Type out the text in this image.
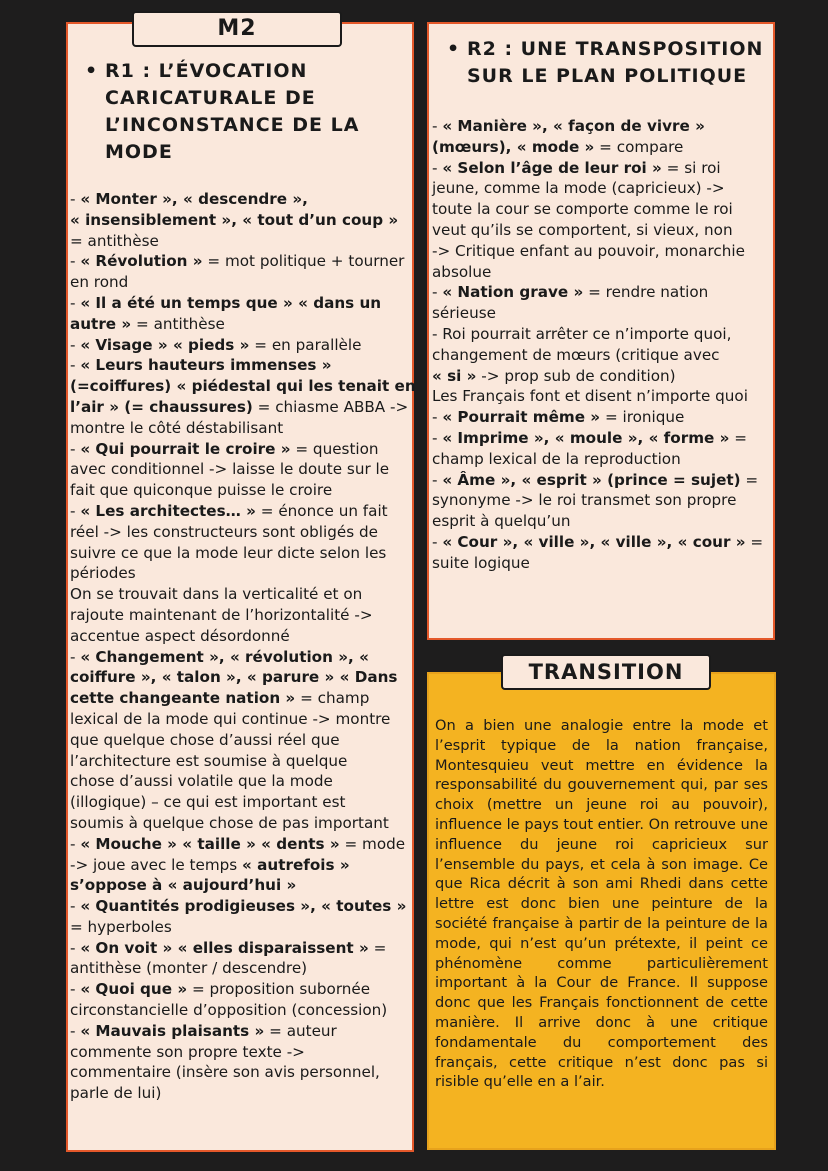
M2
• R1 : L’ÉVOCATION
CARICATURALE DE
L’INCONSTANCE DE LA
MODE
- « Monter », « descendre »,
« insensiblement », « tout d’un coup »
= antithèse
- « Révolution » = mot politique + tourner
en rond
- « Il a été un temps que » « dans un
autre » = antithèse
- « Visage » « pieds » = en parallèle
- « Leurs hauteurs immenses »
(=coiffures) « piédestal qui les tenait en
l’air » (= chaussures) = chiasme ABBA ->
montre le côté déstabilisant
- « Qui pourrait le croire » = question
avec conditionnel -> laisse le doute sur le
fait que quiconque puisse le croire
- « Les architectes… » = énonce un fait
réel -> les constructeurs sont obligés de
suivre ce que la mode leur dicte selon les
périodes
On se trouvait dans la verticalité et on
rajoute maintenant de l’horizontalité ->
accentue aspect désordonné
- « Changement », « révolution », «
coiffure », « talon », « parure » « Dans
cette changeante nation » = champ
lexical de la mode qui continue -> montre
que quelque chose d’aussi réel que
l’architecture est soumise à quelque
chose d’aussi volatile que la mode
(illogique) – ce qui est important est
soumis à quelque chose de pas important
- « Mouche » « taille » « dents » = mode
-> joue avec le temps « autrefois »
s’oppose à « aujourd’hui »
- « Quantités prodigieuses », « toutes »
= hyperboles
- « On voit » « elles disparaissent » =
antithèse (monter / descendre)
- « Quoi que » = proposition subornée
circonstancielle d’opposition (concession)
- « Mauvais plaisants » = auteur
commente son propre texte ->
commentaire (insère son avis personnel,
parle de lui)
• R2 : UNE TRANSPOSITION
SUR LE PLAN POLITIQUE
- « Manière », « façon de vivre »
(mœurs), « mode » = compare
- « Selon l’âge de leur roi » = si roi
jeune, comme la mode (capricieux) ->
toute la cour se comporte comme le roi
veut qu’ils se comportent, si vieux, non
-> Critique enfant au pouvoir, monarchie
absolue
- « Nation grave » = rendre nation
sérieuse
- Roi pourrait arrêter ce n’importe quoi,
changement de mœurs (critique avec
« si » -> prop sub de condition)
Les Français font et disent n’importe quoi
- « Pourrait même » = ironique
- « Imprime », « moule », « forme » =
champ lexical de la reproduction
- « Âme », « esprit » (prince = sujet) =
synonyme -> le roi transmet son propre
esprit à quelqu’un
- « Cour », « ville », « ville », « cour » =
suite logique
TRANSITION
On a bien une analogie entre la mode et l’esprit typique de la nation française, Montesquieu veut mettre en évidence la responsabilité du gouvernement qui, par ses choix (mettre un jeune roi au pouvoir), influence le pays tout entier. On retrouve une influence du jeune roi capricieux sur l’ensemble du pays, et cela à son image. Ce que Rica décrit à son ami Rhedi dans cette lettre est donc bien une peinture de la société française à partir de la peinture de la mode, qui n’est qu’un prétexte, il peint ce phénomène comme particulièrement important à la Cour de France. Il suppose donc que les Français fonctionnent de cette manière. Il arrive donc à une critique fondamentale du comportement des français, cette critique n’est donc pas si risible qu’elle en a l’air.
